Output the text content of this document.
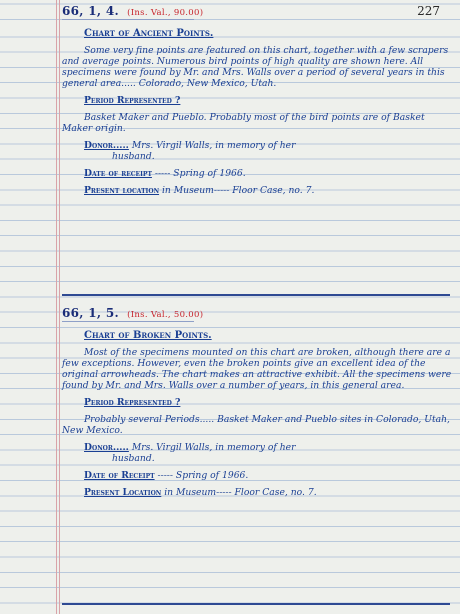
227
66, 1, 4. (Ins. Val., 90.00)
Chart of Ancient Points.
Some very fine points are featured on this chart, together with a few scrapers and average points. Numerous bird points of high quality are shown here. All specimens were found by Mr. and Mrs. Walls over a period of several years in this general area..... Colorado, New Mexico, Utah.
Period Represented ?
Basket Maker and Pueblo. Probably most of the bird points are of Basket Maker origin.
Donor..... Mrs. Virgil Walls, in memory of her
husband.
Date of receipt ----- Spring of 1966.
Present location in Museum----- Floor Case, no. 7.
66, 1, 5. (Ins. Val., 50.00)
Chart of Broken Points.
Most of the specimens mounted on this chart are broken, although there are a few exceptions. However, even the broken points give an excellent idea of the original arrowheads. The chart makes an attractive exhibit. All the specimens were found by Mr. and Mrs. Walls over a number of years, in this general area.
Period Represented ?
Probably several Periods..... Basket Maker and Pueblo sites in Colorado, Utah, New Mexico.
Donor..... Mrs. Virgil Walls, in memory of her
husband.
Date of Receipt ----- Spring of 1966.
Present Location in Museum----- Floor Case, no. 7.
